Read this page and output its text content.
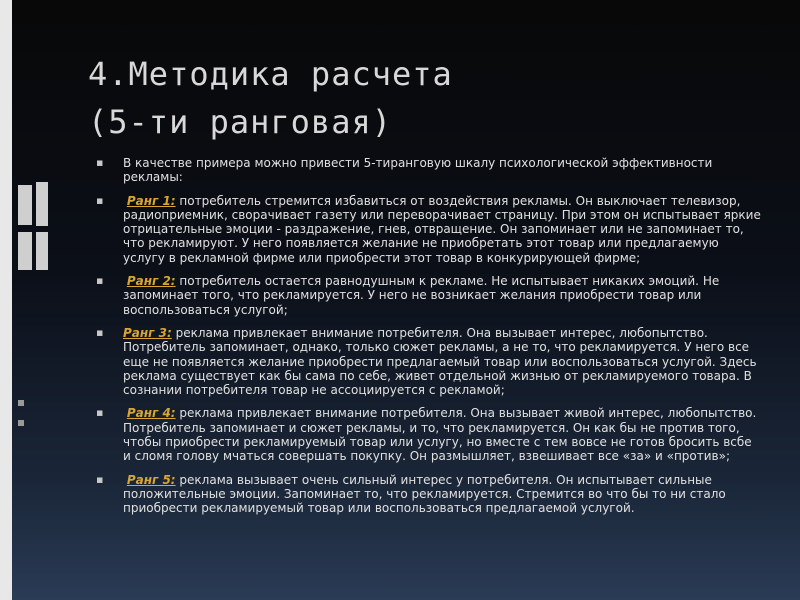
4.Методика расчета
(5-ти ранговая)
▪ В качестве примера можно привести 5-тиранговую шкалу психологической эффективности рекламы:
▪ Ранг 1: потребитель стремится избавиться от воздействия рекламы. Он выключает телевизор, радиоприемник, сворачивает газету или переворачивает страницу. При этом он испытывает яркие отрицательные эмоции - раздражение, гнев, отвращение. Он запоминает или не запоминает то, что рекламируют. У него появляется желание не приобретать этот товар или предлагаемую услугу в рекламной фирме или приобрести этот товар в конкурирующей фирме;
▪ Ранг 2: потребитель остается равнодушным к рекламе. Не испытывает никаких эмоций. Не запоминает того, что рекламируется. У него не возникает желания приобрести товар или воспользоваться услугой;
▪ Ранг 3: реклама привлекает внимание потребителя. Она вызывает интерес, любопытство. Потребитель запоминает, однако, только сюжет рекламы, а не то, что рекламируется. У него все еще не появляется желание приобрести предлагаемый товар или воспользоваться услугой. Здесь реклама существует как бы сама по себе, живет отдельной жизнью от рекламируемого товара. В сознании потребителя товар не ассоциируется с рекламой;
▪ Ранг 4: реклама привлекает внимание потребителя. Она вызывает живой интерес, любопытство. Потребитель запоминает и сюжет рекламы, и то, что рекламируется. Он как бы не против того, чтобы приобрести рекламируемый товар или услугу, но вместе с тем вовсе не готов бросить всбе и сломя голову мчаться совершать покупку. Он размышляет, взвешивает все «за» и «против»;
▪ Ранг 5: реклама вызывает очень сильный интерес у потребителя. Он испытывает сильные положительные эмоции. Запоминает то, что рекламируется. Стремится во что бы то ни стало приобрести рекламируемый товар или воспользоваться предлагаемой услугой.
